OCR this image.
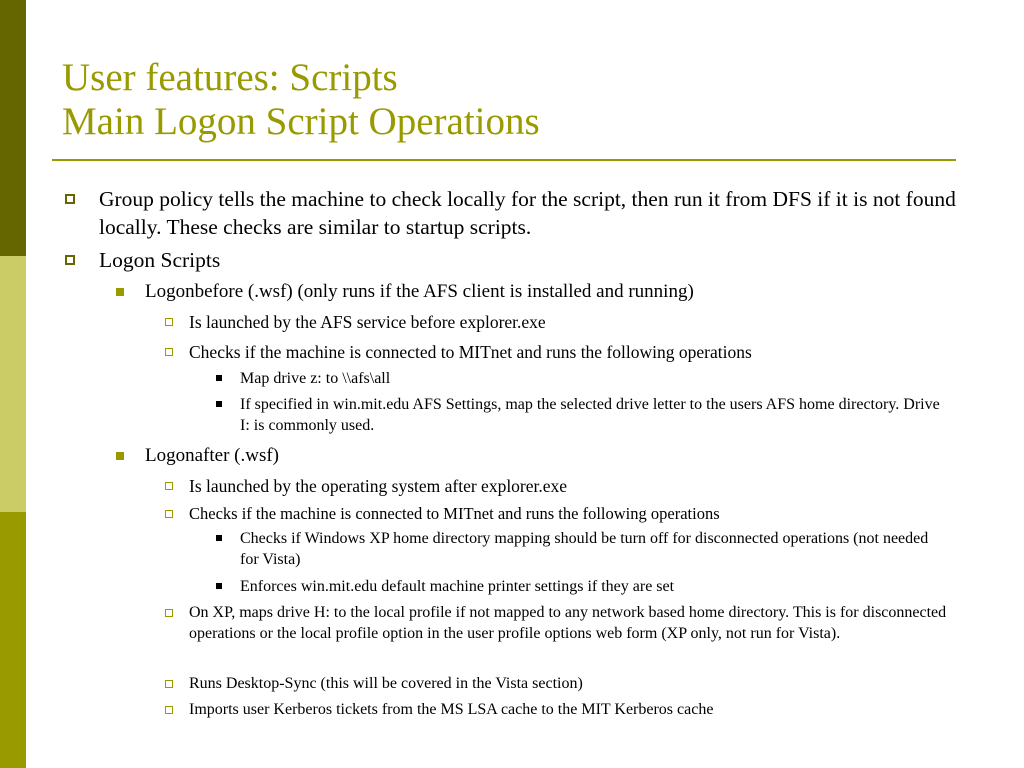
User features: Scripts
Main Logon Script Operations
Group policy tells the machine to check locally for the script, then run it from DFS if it is not found locally. These checks are similar to startup scripts.
Logon Scripts
Logonbefore (.wsf) (only runs if the AFS client is installed and running)
Is launched by the AFS service before explorer.exe
Checks if the machine is connected to MITnet and runs the following operations
Map drive z: to \\afs\all
If specified in win.mit.edu AFS Settings, map the selected drive letter to the users AFS home directory. Drive I: is commonly used.
Logonafter (.wsf)
Is launched by the operating system after explorer.exe
Checks if the machine is connected to MITnet and runs the following operations
Checks if Windows XP home directory mapping should be turn off for disconnected operations (not needed for Vista)
Enforces win.mit.edu default machine printer settings if they are set
On XP, maps drive H: to the local profile if not mapped to any network based home directory. This is for disconnected operations or the local profile option in the user profile options web form (XP only, not run for Vista).
Runs Desktop-Sync (this will be covered in the Vista section)
Imports user Kerberos tickets from the MS LSA cache to the MIT Kerberos cache
